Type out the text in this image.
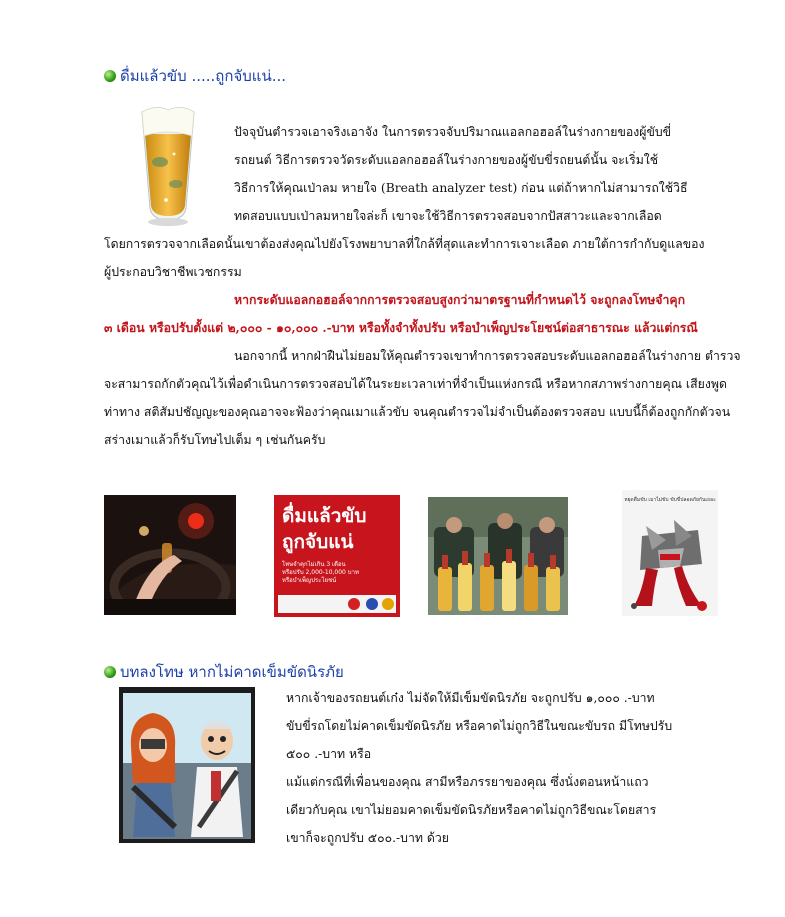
ดื่มแล้วขับ .....ถูกจับแน่...
ปัจจุบันตำรวจเอาจริงเอาจัง ในการตรวจจับปริมาณแอลกอฮอล์ในร่างกายของผู้ขับขี่
รถยนต์ วิธีการตรวจวัดระดับแอลกอฮอล์ในร่างกายของผู้ขับขี่รถยนต์นั้น จะเริ่มใช้
วิธีการให้คุณเป่าลม หายใจ (Breath analyzer test) ก่อน แต่ถ้าหากไม่สามารถใช้วิธี
ทดสอบแบบเป่าลมหายใจล่ะก็ เขาจะใช้วิธีการตรวจสอบจากปัสสาวะและจากเลือด
โดยการตรวจจากเลือดนั้นเขาต้องส่งคุณไปยังโรงพยาบาลที่ใกล้ที่สุดและทำการเจาะเลือด ภายใต้การกำกับดูแลของ
ผู้ประกอบวิชาชีพเวชกรรม
หากระดับแอลกอฮอล์จากการตรวจสอบสูงกว่ามาตรฐานที่กำหนดไว้ จะถูกลงโทษจำคุก
๓ เดือน หรือปรับตั้งแต่ ๒,๐๐๐ - ๑๐,๐๐๐ .-บาท หรือทั้งจำทั้งปรับ หรือบำเพ็ญประโยชน์ต่อสาธารณะ แล้วแต่กรณี
นอกจากนี้ หากฝ่าฝืนไม่ยอมให้คุณตำรวจเขาทำการตรวจสอบระดับแอลกอฮอล์ในร่างกาย ตำรวจ
จะสามารถกักตัวคุณไว้เพื่อดำเนินการตรวจสอบได้ในระยะเวลาเท่าที่จำเป็นแห่งกรณี หรือหากสภาพร่างกายคุณ เสียงพูด
ท่าทาง สติสัมปชัญญะของคุณอาจจะฟ้องว่าคุณเมาแล้วขับ จนคุณตำรวจไม่จำเป็นต้องตรวจสอบ แบบนี้ก็ต้องถูกกักตัวจน
สร่างเมาแล้วก็รับโทษไปเต็ม ๆ เช่นกันครับ
ดื่มแล้วขับ
ถูกจับแน่
โทษจำคุกไม่เกิน 3 เดือน
หรือปรับ 2,000-10,000 บาท
หรือบำเพ็ญประโยชน์
หยุดดื่มขับ เมาไม่ขับ ขับขี่ปลอดภัยกันเถอะ
บทลงโทษ หากไม่คาดเข็มขัดนิรภัย
หากเจ้าของรถยนต์เก๋ง ไม่จัดให้มีเข็มขัดนิรภัย จะถูกปรับ ๑,๐๐๐ .-บาท
ขับขี่รถโดยไม่คาดเข็มขัดนิรภัย หรือคาดไม่ถูกวิธีในขณะขับรถ มีโทษปรับ
๕๐๐ .-บาท หรือ
แม้แต่กรณีที่เพื่อนของคุณ สามีหรือภรรยาของคุณ ซึ่งนั่งตอนหน้าแถว
เดียวกับคุณ เขาไม่ยอมคาดเข็มขัดนิรภัยหรือคาดไม่ถูกวิธีขณะโดยสาร
เขาก็จะถูกปรับ ๕๐๐.-บาท ด้วย
